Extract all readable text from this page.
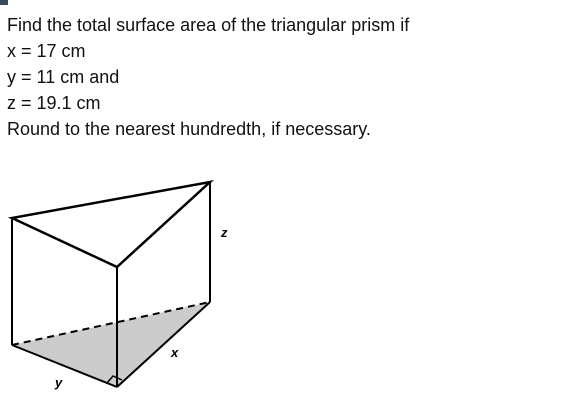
Find the total surface area of the triangular prism if
x = 17 cm
y = 11 cm and
z = 19.1 cm
Round to the nearest hundredth, if necessary.
z
x
y
